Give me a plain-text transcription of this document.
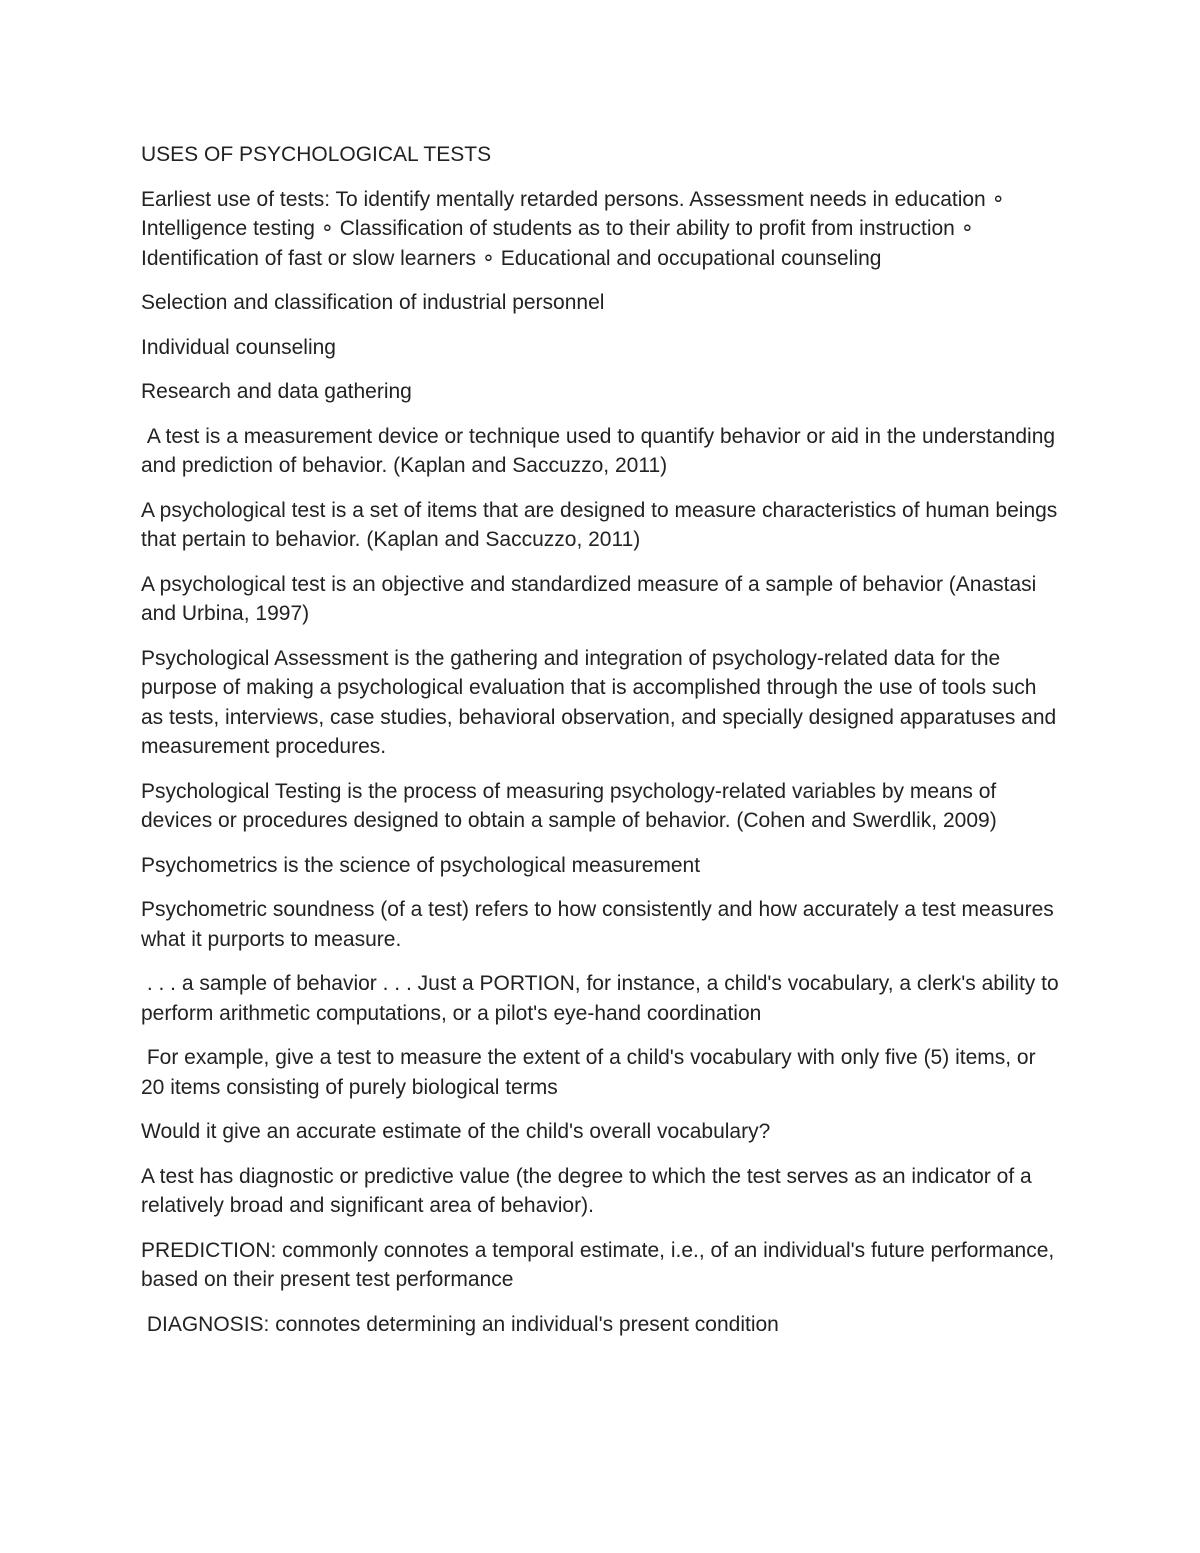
USES OF PSYCHOLOGICAL TESTS

Earliest use of tests: To identify mentally retarded persons. Assessment needs in education ∘ Intelligence testing ∘ Classification of students as to their ability to profit from instruction ∘ Identification of fast or slow learners ∘ Educational and occupational counseling

Selection and classification of industrial personnel

Individual counseling

Research and data gathering

A test is a measurement device or technique used to quantify behavior or aid in the understanding and prediction of behavior. (Kaplan and Saccuzzo, 2011)

A psychological test is a set of items that are designed to measure characteristics of human beings that pertain to behavior. (Kaplan and Saccuzzo, 2011)

A psychological test is an objective and standardized measure of a sample of behavior (Anastasi and Urbina, 1997)

Psychological Assessment is the gathering and integration of psychology-related data for the purpose of making a psychological evaluation that is accomplished through the use of tools such as tests, interviews, case studies, behavioral observation, and specially designed apparatuses and measurement procedures.

Psychological Testing is the process of measuring psychology-related variables by means of devices or procedures designed to obtain a sample of behavior. (Cohen and Swerdlik, 2009)

Psychometrics is the science of psychological measurement

Psychometric soundness (of a test) refers to how consistently and how accurately a test measures what it purports to measure.

. . . a sample of behavior . . . Just a PORTION, for instance, a child's vocabulary, a clerk's ability to perform arithmetic computations, or a pilot's eye-hand coordination

For example, give a test to measure the extent of a child's vocabulary with only five (5) items, or 20 items consisting of purely biological terms

Would it give an accurate estimate of the child's overall vocabulary?

A test has diagnostic or predictive value (the degree to which the test serves as an indicator of a relatively broad and significant area of behavior).

PREDICTION: commonly connotes a temporal estimate, i.e., of an individual's future performance, based on their present test performance

DIAGNOSIS: connotes determining an individual's present condition
